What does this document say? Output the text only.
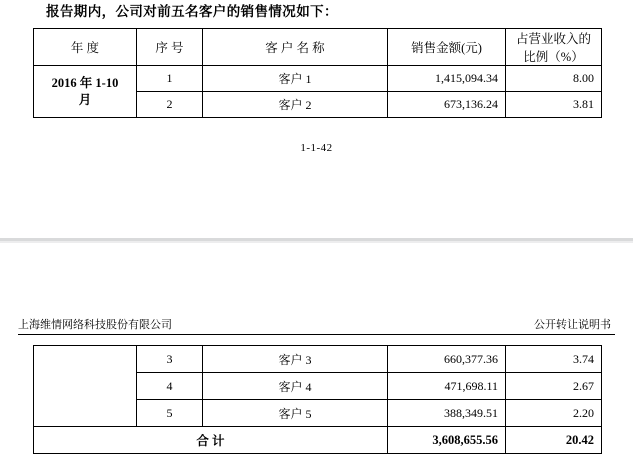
报告期内，公司对前五名客户的销售情况如下：
年 度	序 号	客 户 名 称	销售金额(元)	占营业收入的
比例（%）

2016 年 1-10
月	1	客户 1	1,415,094.34	8.00
	2	客户 2	673,136.24	3.81
1-1-42
上海维情网络科技股份有限公司	公开转让说明书
	3	客户 3	660,377.36	3.74
	4	客户 4	471,698.11	2.67
	5	客户 5	388,349.51	2.20
合 计			3,608,655.56	20.42
